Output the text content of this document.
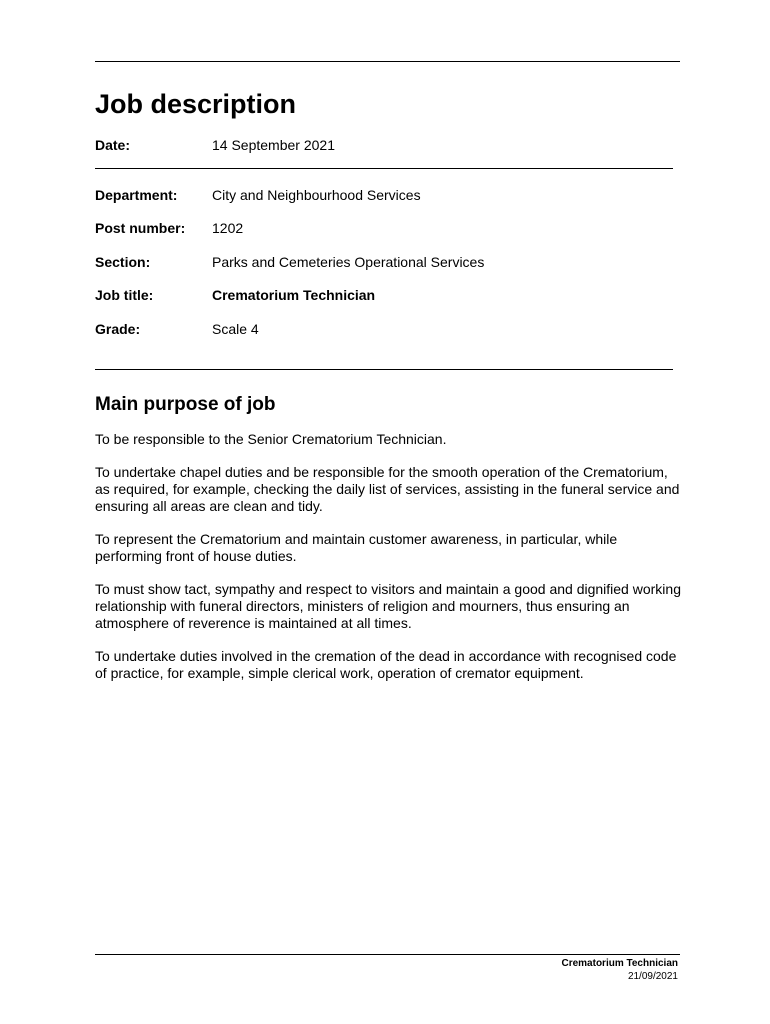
Job description
Date:	14 September 2021
Department: City and Neighbourhood Services
Post number: 1202
Section:	Parks and Cemeteries Operational Services
Job title:	Crematorium Technician
Grade:	Scale 4
Main purpose of job

To be responsible to the Senior Crematorium Technician.

To undertake chapel duties and be responsible for the smooth operation of the Crematorium, as required, for example, checking the daily list of services, assisting in the funeral service and ensuring all areas are clean and tidy.

To represent the Crematorium and maintain customer awareness, in particular, while performing front of house duties.

To must show tact, sympathy and respect to visitors and maintain a good and dignified working relationship with funeral directors, ministers of religion and mourners, thus ensuring an atmosphere of reverence is maintained at all times.

To undertake duties involved in the cremation of the dead in accordance with recognised code of practice, for example, simple clerical work, operation of cremator equipment.

Crematorium Technician
21/09/2021
